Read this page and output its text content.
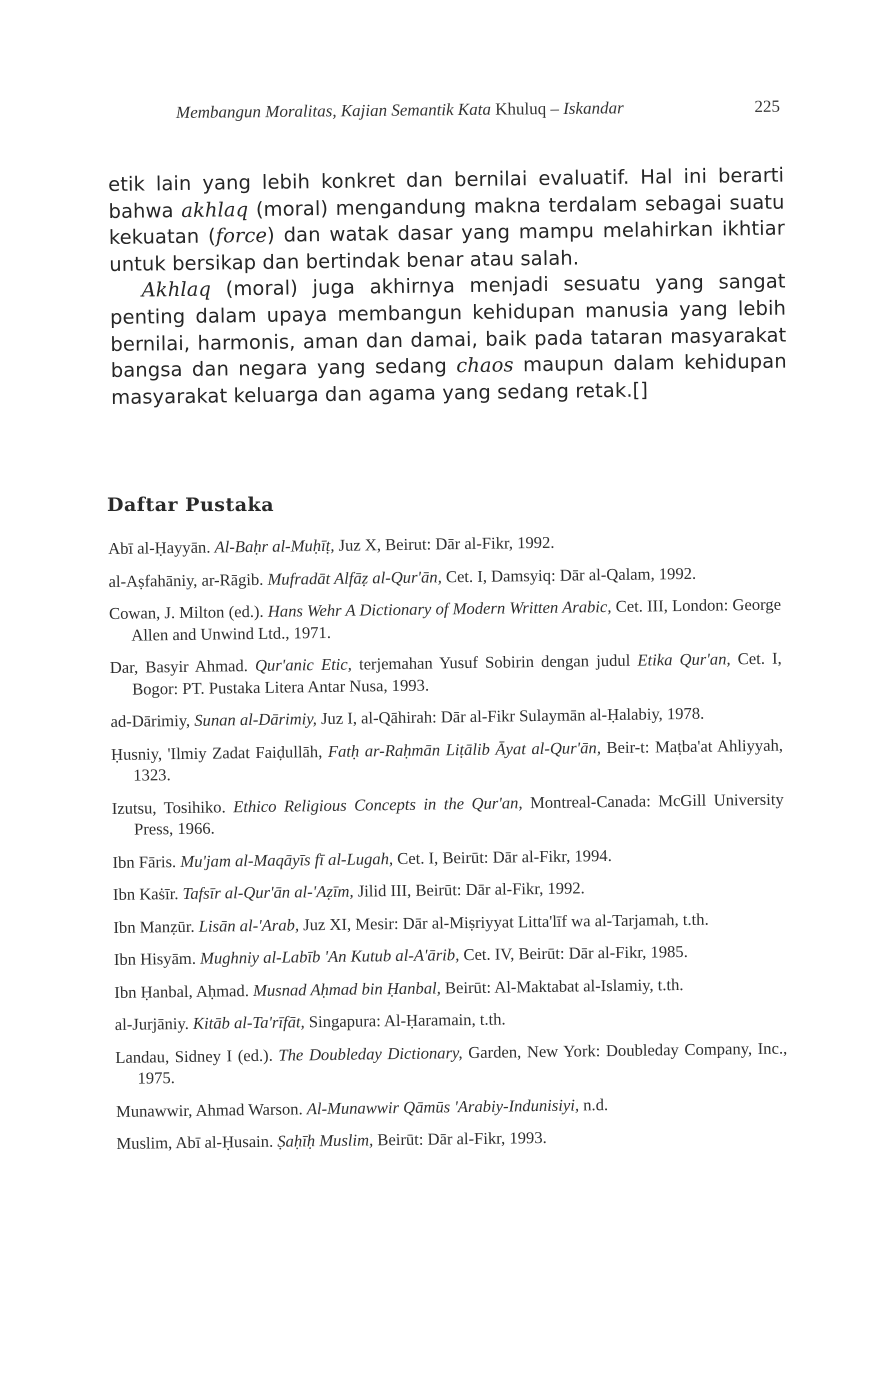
Membangun Moralitas, Kajian Semantik Kata Khuluq – Iskandar	225

etik lain yang lebih konkret dan bernilai evaluatif. Hal ini berarti bahwa akhlaq (moral) mengandung makna terdalam sebagai suatu kekuatan (force) dan watak dasar yang mampu melahirkan ikhtiar untuk bersikap dan bertindak benar atau salah.

Akhlaq (moral) juga akhirnya menjadi sesuatu yang sangat penting dalam upaya membangun kehidupan manusia yang lebih bernilai, harmonis, aman dan damai, baik pada tataran masyarakat bangsa dan negara yang sedang chaos maupun dalam kehidupan masyarakat keluarga dan agama yang sedang retak.[]

Daftar Pustaka

Abī al-Ḥayyān. Al-Baḥr al-Muḥīṭ, Juz X, Beirut: Dār al-Fikr, 1992.

al-Aṣfahāniy, ar-Rāgib. Mufradāt Alfāẓ al-Qur'ān, Cet. I, Damsyiq: Dār al-Qalam, 1992.

Cowan, J. Milton (ed.). Hans Wehr A Dictionary of Modern Written Arabic, Cet. III, London: George Allen and Unwind Ltd., 1971.

Dar, Basyir Ahmad. Qur'anic Etic, terjemahan Yusuf Sobirin dengan judul Etika Qur'an, Cet. I, Bogor: PT. Pustaka Litera Antar Nusa, 1993.

ad-Dārimiy, Sunan al-Dārimiy, Juz I, al-Qāhirah: Dār al-Fikr Sulaymān al-Ḥalabiy, 1978.

Ḥusniy, 'Ilmiy Zadat Faiḍullāh, Fatḥ ar-Raḥmān Liṭālib Āyat al-Qur'ān, Beir-t: Maṭba'at Ahliyyah, 1323.

Izutsu, Tosihiko. Ethico Religious Concepts in the Qur'an, Montreal-Canada: McGill University Press, 1966.

Ibn Fāris. Mu'jam al-Maqāyīs fī al-Lugah, Cet. I, Beirūt: Dār al-Fikr, 1994.

Ibn Kaṡīr. Tafsīr al-Qur'ān al-'Aẓīm, Jilid III, Beirūt: Dār al-Fikr, 1992.

Ibn Manẓūr. Lisān al-'Arab, Juz XI, Mesir: Dār al-Miṣriyyat Litta'līf wa al-Tarjamah, t.th.

Ibn Hisyām. Mughniy al-Labīb 'An Kutub al-A'ārib, Cet. IV, Beirūt: Dār al-Fikr, 1985.

Ibn Ḥanbal, Aḥmad. Musnad Aḥmad bin Ḥanbal, Beirūt: Al-Maktabat al-Islamiy, t.th.

al-Jurjāniy. Kitāb al-Ta'rīfāt, Singapura: Al-Ḥaramain, t.th.

Landau, Sidney I (ed.). The Doubleday Dictionary, Garden, New York: Doubleday Company, Inc., 1975.

Munawwir, Ahmad Warson. Al-Munawwir Qāmūs 'Arabiy-Indunisiyi, n.d.

Muslim, Abī al-Ḥusain. Ṣaḥīḥ Muslim, Beirūt: Dār al-Fikr, 1993.
